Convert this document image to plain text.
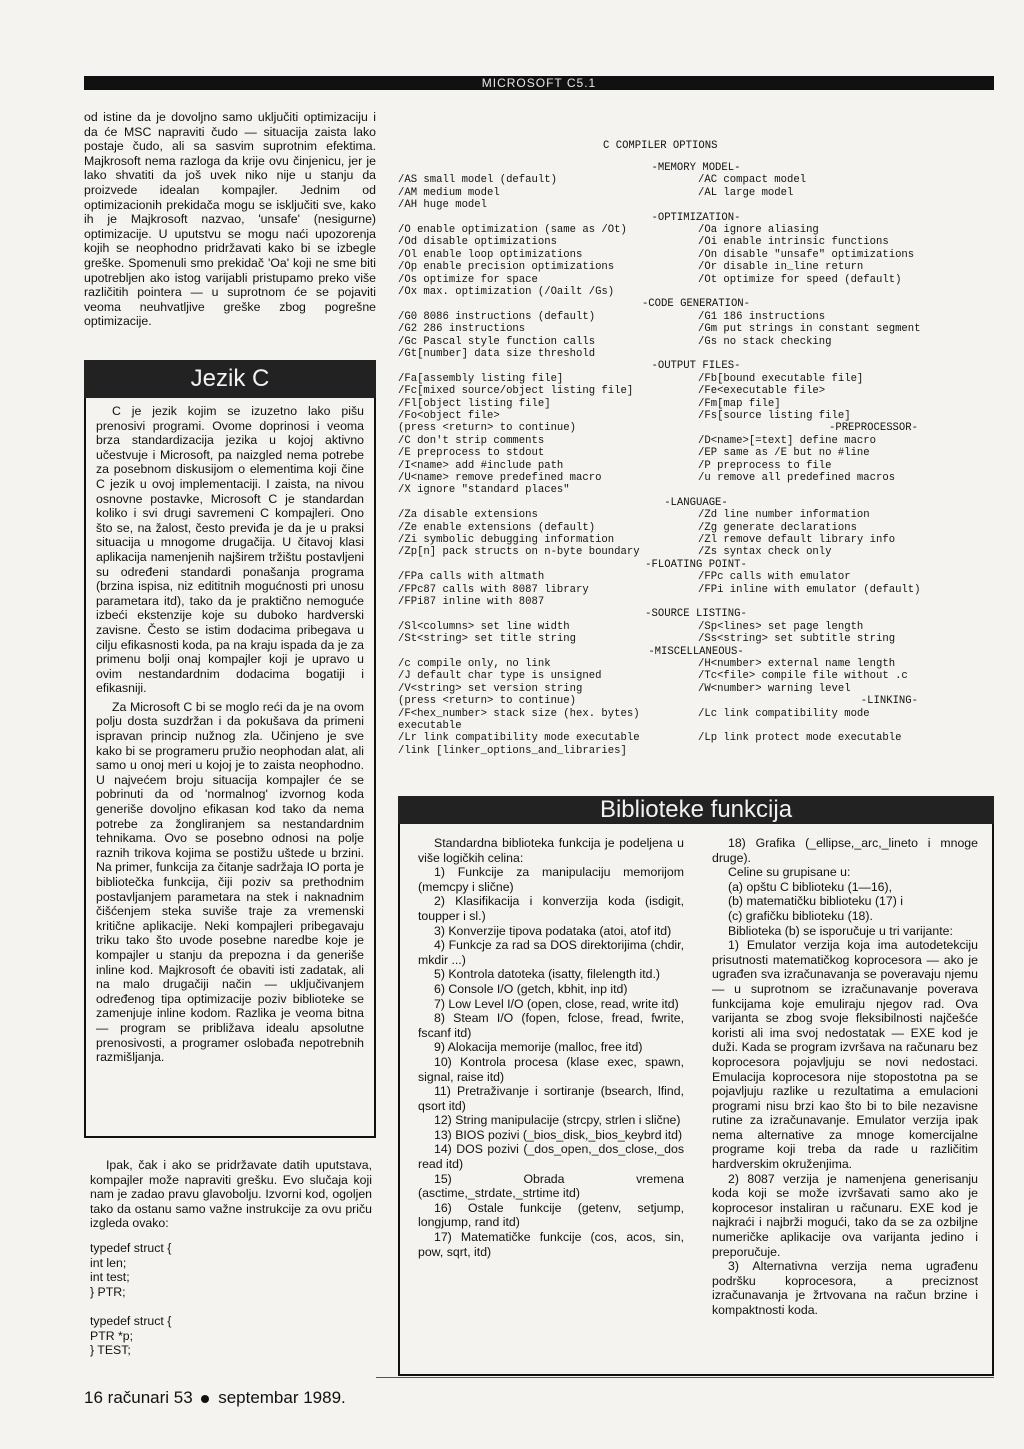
MICROSOFT C5.1

od istine da je dovoljno samo uključiti optimizaciju i da će MSC napraviti čudo — situacija zaista lako postaje čudo, ali sa sasvim suprotnim efektima. Majkrosoft nema razloga da krije ovu činjenicu, jer je lako shvatiti da još uvek niko nije u stanju da proizvede idealan kompajler. Jednim od optimizacionih prekidača mogu se isključiti sve, kako ih je Majkrosoft nazvao, 'unsafe' (nesigurne) optimizacije. U uputstvu se mogu naći upozorenja kojih se neophodno pridržavati kako bi se izbegle greške. Spomenuli smo prekidač 'Oa' koji ne sme biti upotrebljen ako istog varijabli pristupamo preko više različitih pointera — u suprotnom će se pojaviti veoma neuhvatljive greške zbog pogrešne optimizacije.

Jezik C

C je jezik kojim se izuzetno lako pišu prenosivi programi. Ovome doprinosi i veoma brza standardizacija jezika u kojoj aktivno učestvuje i Microsoft, pa naizgled nema potrebe za posebnom diskusijom o elementima koji čine C jezik u ovoj implementaciji. I zaista, na nivou osnovne postavke, Microsoft C je standardan koliko i svi drugi savremeni C kompajleri. Ono što se, na žalost, često previđa je da je u praksi situacija u mnogome drugačija. U čitavoj klasi aplikacija namenjenih najširem tržištu postavljeni su određeni standardi ponašanja programa (brzina ispisa, niz edititnih mogućnosti pri unosu parametara itd), tako da je praktično nemoguće izbeći ekstenzije koje su duboko hardverski zavisne. Često se istim dodacima pribegava u cilju efikasnosti koda, pa na kraju ispada da je za primenu bolji onaj kompajler koji je upravo u ovim nestandardnim dodacima bogatiji i efikasniji.

Za Microsoft C bi se moglo reći da je na ovom polju dosta suzdržan i da pokušava da primeni ispravan princip nužnog zla. Učinjeno je sve kako bi se programeru pružio neophodan alat, ali samo u onoj meri u kojoj je to zaista neophodno. U najvećem broju situacija kompajler će se pobrinuti da od 'normalnog' izvornog koda generiše dovoljno efikasan kod tako da nema potrebe za žongliranjem sa nestandardnim tehnikama. Ovo se posebno odnosi na polje raznih trikova kojima se postižu uštede u brzini. Na primer, funkcija za čitanje sadržaja IO porta je bibliotečka funkcija, čiji poziv sa prethodnim postavljanjem parametara na stek i naknadnim čišćenjem steka suviše traje za vremenski kritične aplikacije. Neki kompajleri pribegavaju triku tako što uvode posebne naredbe koje je kompajler u stanju da prepozna i da generiše inline kod. Majkrosoft će obaviti isti zadatak, ali na malo drugačiji način — uključivanjem određenog tipa optimizacije poziv biblioteke se zamenjuje inline kodom. Razlika je veoma bitna — program se približava idealu apsolutne prenosivosti, a programer oslobađa nepotrebnih razmišljanja.

Ipak, čak i ako se pridržavate datih uputstava, kompajler može napraviti grešku. Evo slučaja koji nam je zadao pravu glavobolju. Izvorni kod, ogoljen tako da ostanu samo važne instrukcije za ovu priču izgleda ovako:

typedef struct {
int len;
int test;
} PTR;

typedef struct {
PTR *p;
} TEST;
16 računari 53 septembar 1989.
C COMPILER OPTIONS
-MEMORY MODEL-
/AS small model (default)	/AC compact model
/AM medium model	/AL large model
/AH huge model
-OPTIMIZATION-
/O enable optimization (same as /Ot)	/Oa ignore aliasing
/Od disable optimizations	/Oi enable intrinsic functions
/Ol enable loop optimizations	/On disable "unsafe" optimizations
/Op enable precision optimizations	/Or disable in_line return
/Os optimize for space	/Ot optimize for speed (default)
/Ox max. optimization (/Oailt /Gs)
-CODE GENERATION-
/G0 8086 instructions (default)	/G1 186 instructions
/G2 286 instructions	/Gm put strings in constant segment
/Gc Pascal style function calls	/Gs no stack checking
/Gt[number] data size threshold
-OUTPUT FILES-
/Fa[assembly listing file]	/Fb[bound executable file]
/Fc[mixed source/object listing file]	/Fe<executable file>
/Fl[object listing file]	/Fm[map file]
/Fo<object file>	/Fs[source listing file]
(press <return> to continue)	-PREPROCESSOR-
/C don't strip comments	/D<name>[=text] define macro
/E preprocess to stdout	/EP same as /E but no #line
/I<name> add #include path	/P preprocess to file
/U<name> remove predefined macro	/u remove all predefined macros
/X ignore "standard places"
-LANGUAGE-
/Za disable extensions	/Zd line number information
/Ze enable extensions (default)	/Zg generate declarations
/Zi symbolic debugging information	/Zl remove default library info
/Zp[n] pack structs on n-byte boundary	/Zs syntax check only
-FLOATING POINT-
/FPa calls with altmath	/FPc calls with emulator
/FPc87 calls with 8087 library	/FPi inline with emulator (default)
/FPi87 inline with 8087
-SOURCE LISTING-
/Sl<columns> set line width	/Sp<lines> set page length
/St<string> set title string	/Ss<string> set subtitle string
-MISCELLANEOUS-
/c compile only, no link	/H<number> external name length
/J default char type is unsigned	/Tc<file> compile file without .c
/V<string> set version string	/W<number> warning level
(press <return> to continue)	-LINKING-
/F<hex_number> stack size (hex. bytes)	/Lc link compatibility mode
executable
/Lr link compatibility mode executable	/Lp link protect mode executable
/link [linker_options_and_libraries]
Biblioteke funkcija

Standardna biblioteka funkcija je podeljena u više logičkih celina:

1) Funkcije za manipulaciju memorijom (memcpy i slične)

2) Klasifikacija i konverzija koda (isdigit, toupper i sl.)

3) Konverzije tipova podataka (atoi, atof itd)

4) Funkcje za rad sa DOS direktorijima (chdir, mkdir ...)

5) Kontrola datoteka (isatty, filelength itd.)

6) Console I/O (getch, kbhit, inp itd)

7) Low Level I/O (open, close, read, write itd)

8) Steam I/O (fopen, fclose, fread, fwrite, fscanf itd)

9) Alokacija memorije (malloc, free itd)

10) Kontrola procesa (klase exec, spawn, signal, raise itd)

11) Pretraživanje i sortiranje (bsearch, lfind, qsort itd)

12) String manipulacije (strcpy, strlen i slične)

13) BIOS pozivi (_bios_disk,_bios_keybrd itd)

14) DOS pozivi (_dos_open,_dos_close,_dos read itd)

15) Obrada vremena (asctime,_strdate,_strtime itd)

16) Ostale funkcije (getenv, setjump, longjump, rand itd)

17) Matematičke funkcije (cos, acos, sin, pow, sqrt, itd)

18) Grafika (_ellipse,_arc,_lineto i mnoge druge).

Celine su grupisane u:

(a) opštu C biblioteku (1—16),

(b) matematičku biblioteku (17) i

(c) grafičku biblioteku (18).

Biblioteka (b) se isporučuje u tri varijante:

1) Emulator verzija koja ima autodetekciju prisutnosti matematičkog koprocesora — ako je ugrađen sva izračunavanja se poveravaju njemu — u suprotnom se izračunavanje poverava funkcijama koje emuliraju njegov rad. Ova varijanta se zbog svoje fleksibilnosti najčešće koristi ali ima svoj nedostatak — EXE kod je duži. Kada se program izvršava na računaru bez koprocesora pojavljuju se novi nedostaci. Emulacija koprocesora nije stopostotna pa se pojavljuju razlike u rezultatima a emulacioni programi nisu brzi kao što bi to bile nezavisne rutine za izračunavanje. Emulator verzija ipak nema alternative za mnoge komercijalne programe koji treba da rade u različitim hardverskim okruženjima.

2) 8087 verzija je namenjena generisanju koda koji se može izvršavati samo ako je koprocesor instaliran u računaru. EXE kod je najkraći i najbrži mogući, tako da se za ozbiljne numeričke aplikacije ova varijanta jedino i preporučuje.

3) Alternativna verzija nema ugrađenu podršku koprocesora, a preciznost izračunavanja je žrtvovana na račun brzine i kompaktnosti koda.
